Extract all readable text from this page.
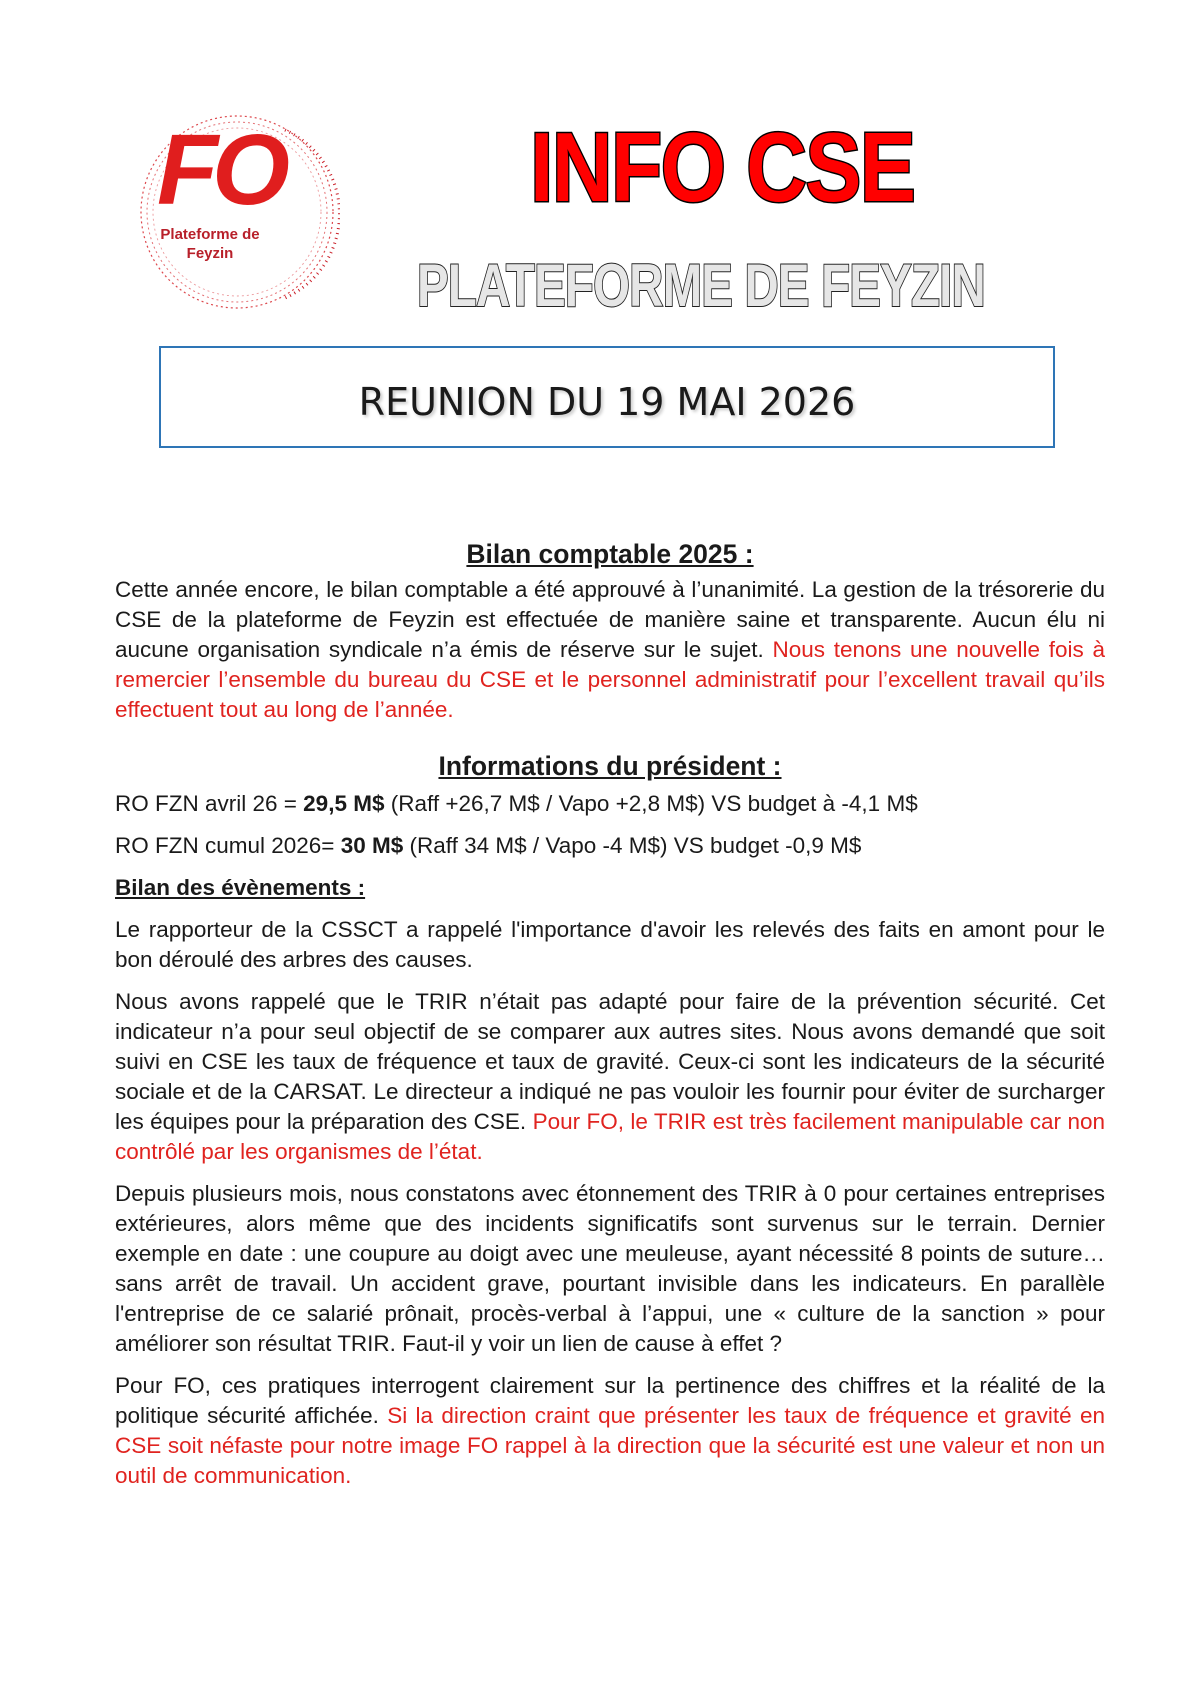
FO
Plateforme de
Feyzin
INFO CSE
PLATEFORME DE FEYZIN
REUNION DU 19 MAI 2026
Bilan comptable 2025 :

Cette année encore, le bilan comptable a été approuvé à l’unanimité. La gestion de la trésorerie du CSE de la plateforme de Feyzin est effectuée de manière saine et transparente. Aucun élu ni aucune organisation syndicale n’a émis de réserve sur le sujet. Nous tenons une nouvelle fois à remercier l’ensemble du bureau du CSE et le personnel administratif pour l’excellent travail qu’ils effectuent tout au long de l’année.

Informations du président :
RO FZN avril 26 = 29,5 M$ (Raff +26,7 M$ / Vapo +2,8 M$) VS budget à -4,1 M$
RO FZN cumul 2026= 30 M$ (Raff 34 M$ / Vapo -4 M$) VS budget -0,9 M$
Bilan des évènements :

Le rapporteur de la CSSCT a rappelé l'importance d'avoir les relevés des faits en amont pour le bon déroulé des arbres des causes.

Nous avons rappelé que le TRIR n’était pas adapté pour faire de la prévention sécurité. Cet indicateur n’a pour seul objectif de se comparer aux autres sites. Nous avons demandé que soit suivi en CSE les taux de fréquence et taux de gravité. Ceux-ci sont les indicateurs de la sécurité sociale et de la CARSAT. Le directeur a indiqué ne pas vouloir les fournir pour éviter de surcharger les équipes pour la préparation des CSE. Pour FO, le TRIR est très facilement manipulable car non contrôlé par les organismes de l’état.

Depuis plusieurs mois, nous constatons avec étonnement des TRIR à 0 pour certaines entreprises extérieures, alors même que des incidents significatifs sont survenus sur le terrain. Dernier exemple en date : une coupure au doigt avec une meuleuse, ayant nécessité 8 points de suture… sans arrêt de travail. Un accident grave, pourtant invisible dans les indicateurs. En parallèle l'entreprise de ce salarié prônait, procès-verbal à l’appui, une « culture de la sanction » pour améliorer son résultat TRIR. Faut-il y voir un lien de cause à effet ?

Pour FO, ces pratiques interrogent clairement sur la pertinence des chiffres et la réalité de la politique sécurité affichée. Si la direction craint que présenter les taux de fréquence et gravité en CSE soit néfaste pour notre image FO rappel à la direction que la sécurité est une valeur et non un outil de communication.
